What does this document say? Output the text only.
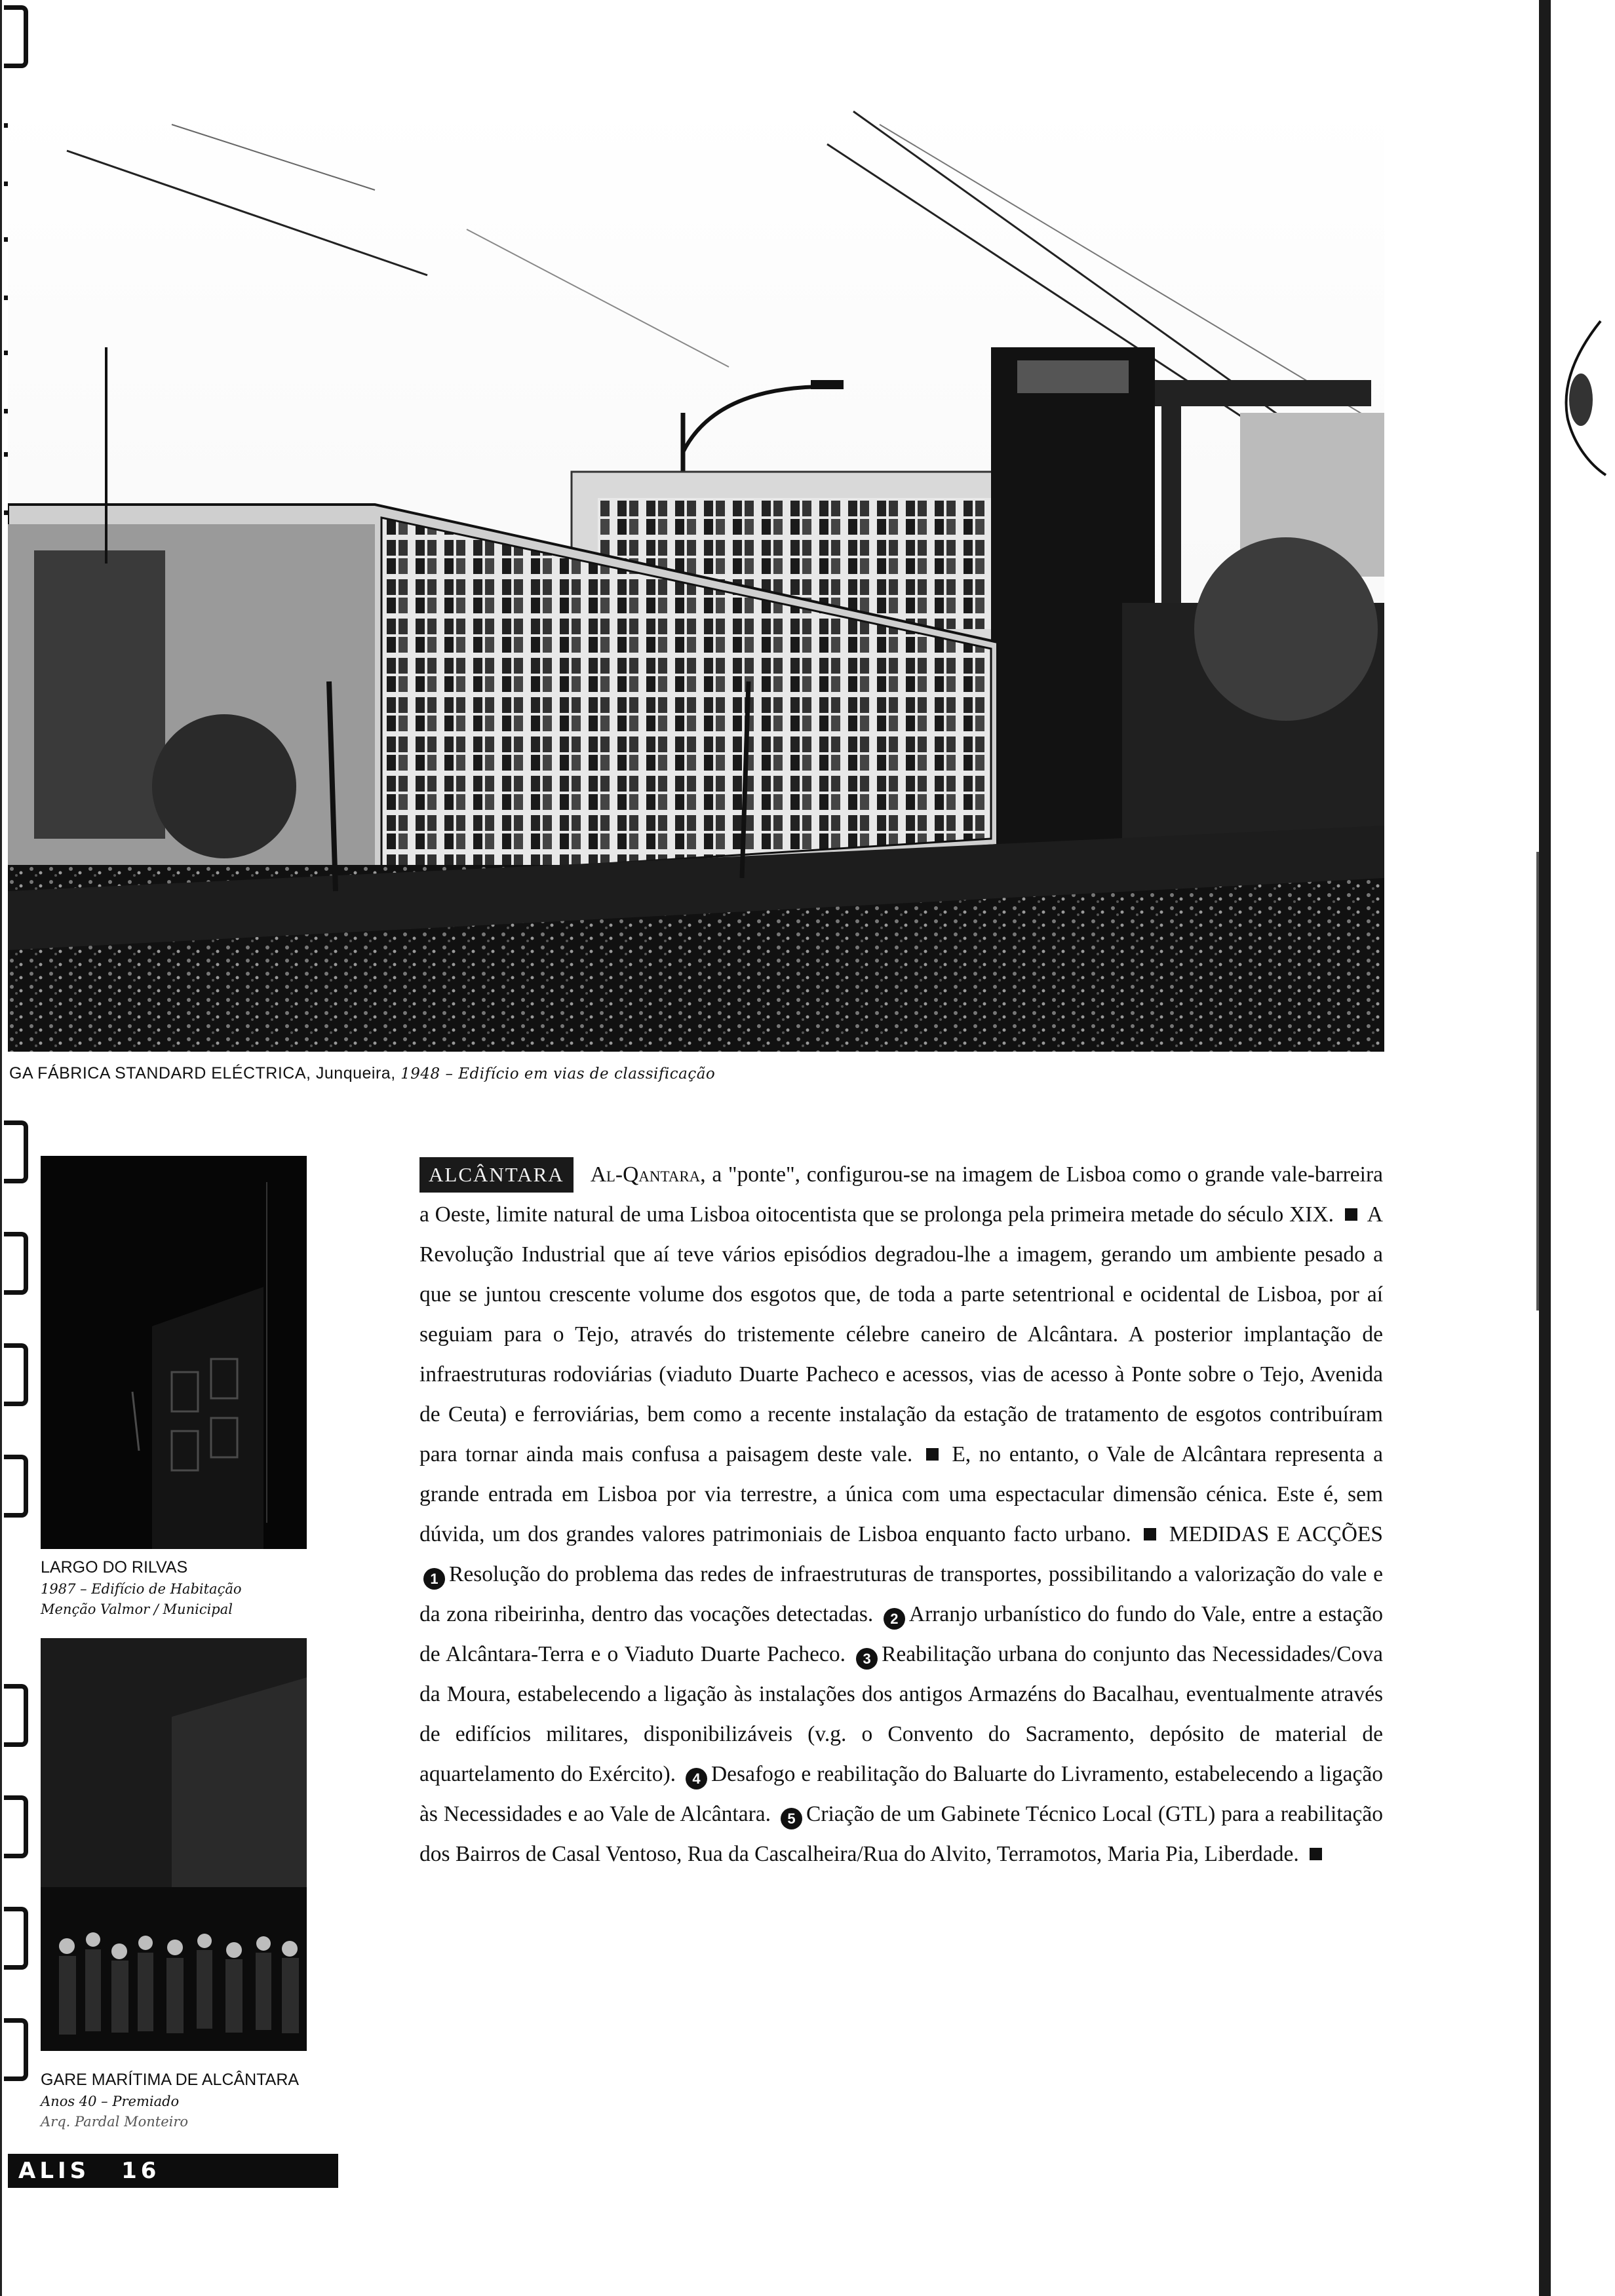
GA FÁBRICA STANDARD ELÉCTRICA, Junqueira, 1948 – Edifício em vias de classificação
LARGO DO RILVAS
1987 – Edifício de Habitação
Menção Valmor / Municipal
GARE MARÍTIMA DE ALCÂNTARA
Anos 40 – Premiado
Arq. Pardal Monteiro
ALCÂNTARA Al-Qantara, a "ponte", configurou-se na imagem de Lisboa como o grande vale-barreira a Oeste, limite natural de uma Lisboa oitocentista que se prolonga pela primeira metade do século XIX. A Revolução Industrial que aí teve vários episódios degradou-lhe a imagem, gerando um ambiente pesado a que se juntou crescente volume dos esgotos que, de toda a parte setentrional e ocidental de Lisboa, por aí seguiam para o Tejo, através do tristemente célebre caneiro de Alcântara. A posterior implantação de infraestruturas rodoviárias (viaduto Duarte Pacheco e acessos, vias de acesso à Ponte sobre o Tejo, Avenida de Ceuta) e ferroviárias, bem como a recente instalação da estação de tratamento de esgotos contribuíram para tornar ainda mais confusa a paisagem deste vale. E, no entanto, o Vale de Alcântara representa a grande entrada em Lisboa por via terrestre, a única com uma espectacular dimensão cénica. Este é, sem dúvida, um dos grandes valores patrimoniais de Lisboa enquanto facto urbano. MEDIDAS E ACÇÕES 1 Resolução do problema das redes de infraestruturas de transportes, possibilitando a valorização do vale e da zona ribeirinha, dentro das vocações detectadas. 2 Arranjo urbanístico do fundo do Vale, entre a estação de Alcântara-Terra e o Viaduto Duarte Pacheco. 3 Reabilitação urbana do conjunto das Necessidades/Cova da Moura, estabelecendo a ligação às instalações dos antigos Armazéns do Bacalhau, eventualmente através de edifícios militares, disponibilizáveis (v.g. o Convento do Sacramento, depósito de material de aquartelamento do Exército). 4 Desafogo e reabilitação do Baluarte do Livramento, estabelecendo a ligação às Necessidades e ao Vale de Alcântara. 5 Criação de um Gabinete Técnico Local (GTL) para a reabilitação dos Bairros de Casal Ventoso, Rua da Cascalheira/Rua do Alvito, Terramotos, Maria Pia, Liberdade.
ALIS 16
